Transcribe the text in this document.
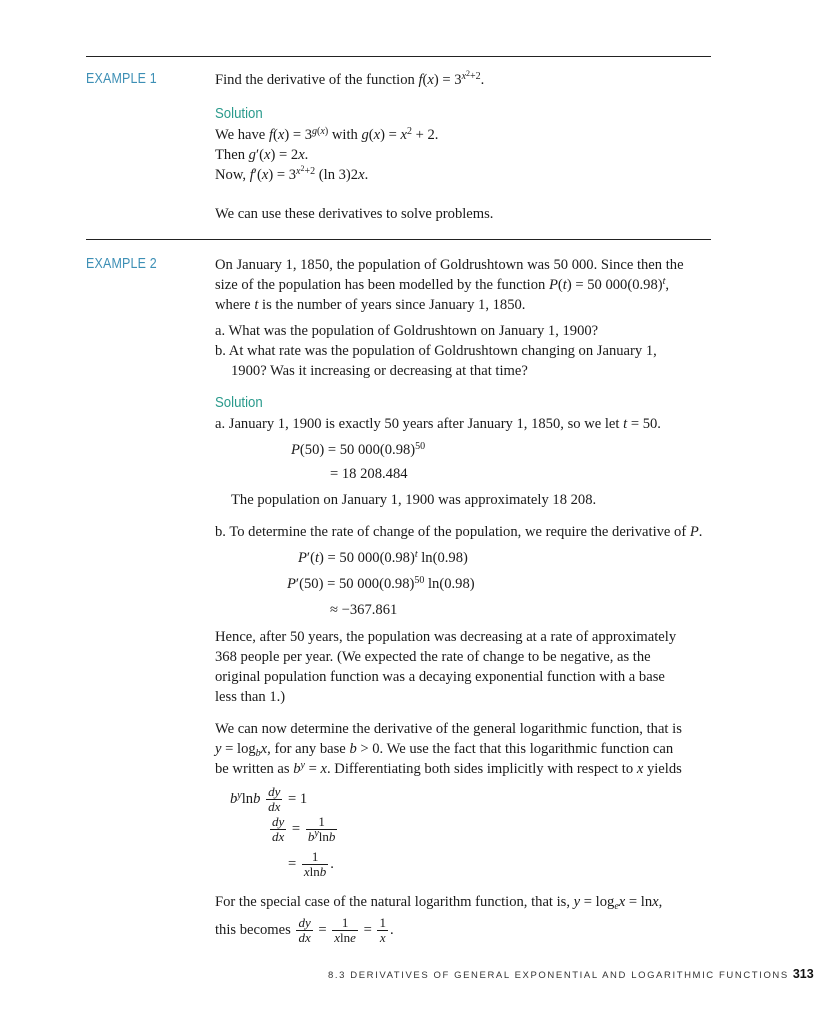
EXAMPLE 1	Find the derivative of the function $f(x) = 3^{x^2+2}$.
Solution
We have $f(x) = 3^{g(x)}$ with $g(x) = x^2 + 2$.
Then g′(x) = 2x.
Now, $f'(x) = 3^{x^2+2}$ (ln 3)2x.
We can use these derivatives to solve problems.
EXAMPLE 2	On January 1, 1850, the population of Goldrushtown was 50 000. Since then the
size of the population has been modelled by the function P(t) = 50 $000(0.98)^t$,
where t is the number of years since January 1, 1850.
a. What was the population of Goldrushtown on January 1, 1900?
b. At what rate was the population of Goldrushtown changing on January 1,
1900? Was it increasing or decreasing at that time?
Solution
a. January 1, 1900 is exactly 50 years after January 1, 1850, so we let t = 50.
P(50) = 50 $000(0.98)^{50}$
= 18 208.484
The population on January 1, 1900 was approximately 18 208.
b. To determine the rate of change of the population, we require the derivative of P.
P′(t) = 50 $000(0.98)^t$ ln(0.98)
P′(50) = 50 $000(0.98)^{50}$ ln(0.98)
≈ −367.861
Hence, after 50 years, the population was decreasing at a rate of approximately
368 people per year. (We expected the rate of change to be negative, as the
original population function was a decaying exponential function with a base
less than 1.)
We can now determine the derivative of the general logarithmic function, that is
$y = \log_bx$, for any base b > 0. We use the fact that this logarithmic function can
be written as $b^y = x$. Differentiating both sides implicitly with respect to x yields
$b^y\ln b \frac{dy}{dx} = 1$
$\frac{dy}{dx} = \frac{1}{b^y\ln b}$
= $\frac{1}{xlnb}$ .
For the special case of the natural logarithm function, that is, $y = \log_ex = \ln x$,
this becomes $\frac{dy}{dx} = \frac{1}{xlne} = \frac{1}{x}$ .
8.3 DERIVATIVES OF GENERAL EXPONENTIAL AND LOGARITHMIC FUNCTIONS 313
